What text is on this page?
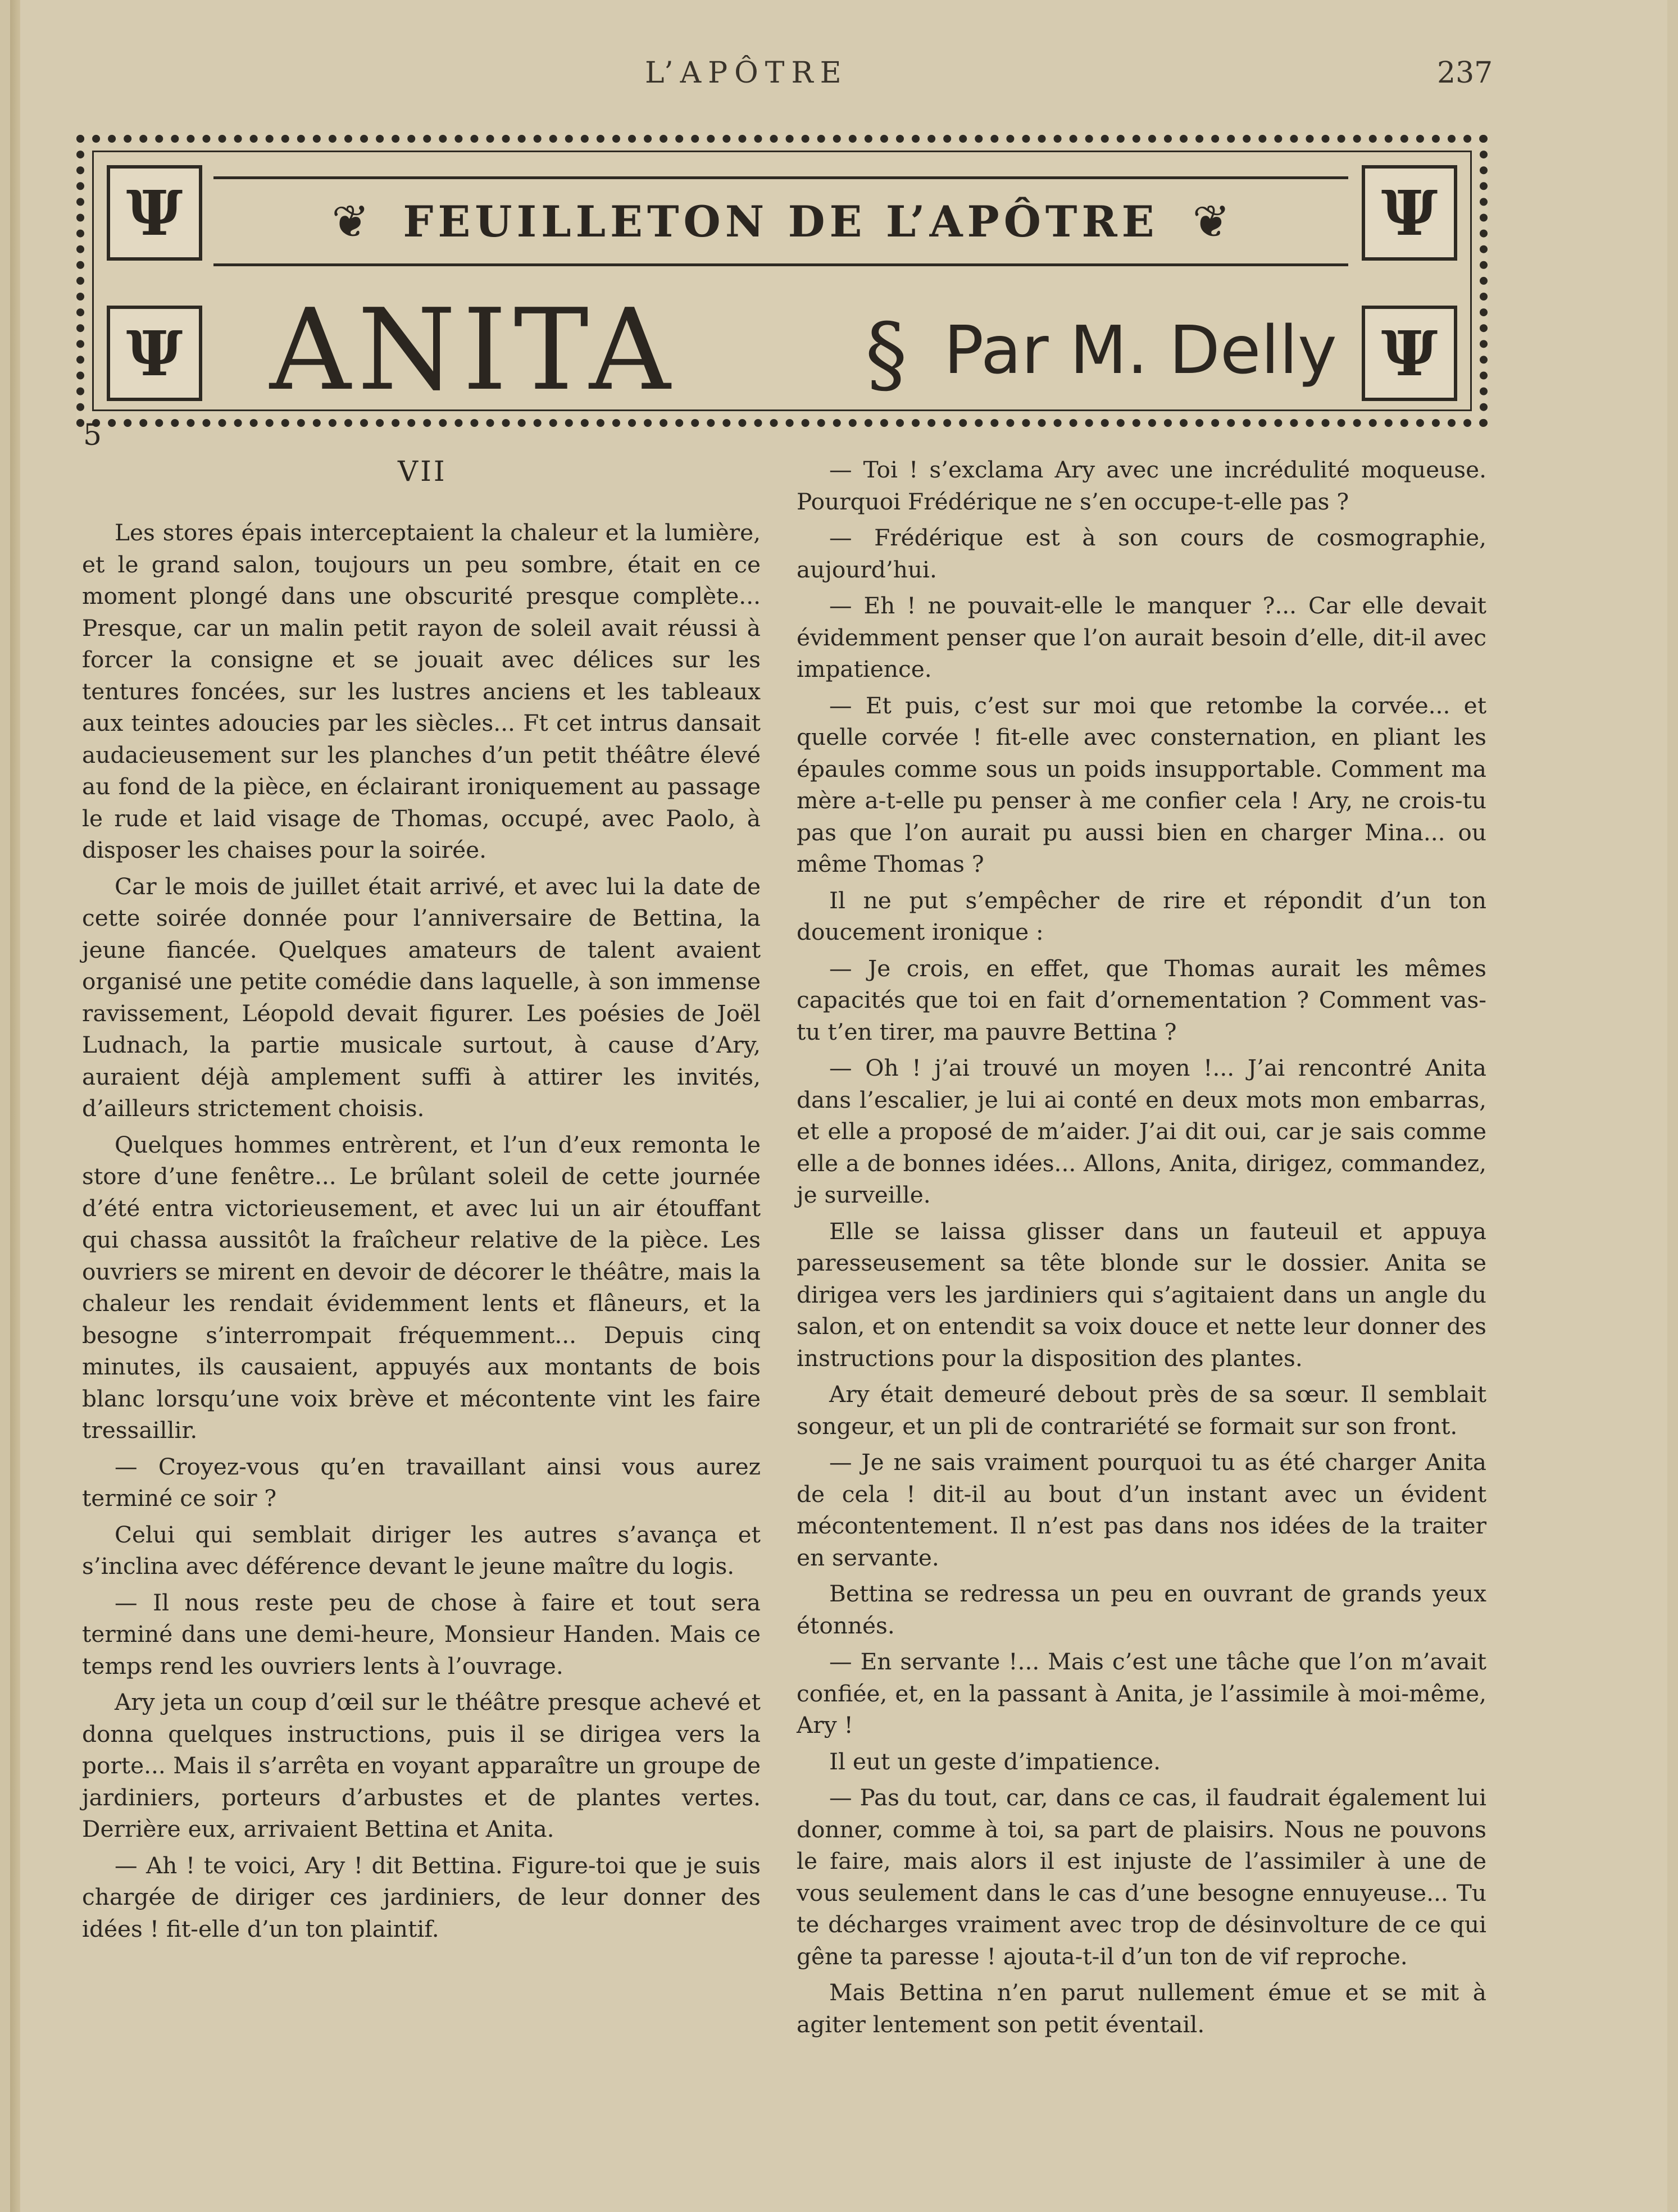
L’APÔTRE	237
Ψ	Ψ
Ψ	Ψ
❦ FEUILLETON DE L’APÔTRE ❦
ANITA § Par M. Delly
5
VII

Les stores épais interceptaient la chaleur et la lumière, et le grand salon, toujours un peu sombre, était en ce moment plongé dans une obscurité presque complète... Presque, car un malin petit rayon de soleil avait réussi à forcer la consigne et se jouait avec délices sur les tentures foncées, sur les lustres anciens et les tableaux aux teintes adoucies par les siècles... Ft cet intrus dansait audacieusement sur les planches d’un petit théâtre élevé au fond de la pièce, en éclairant ironiquement au passage le rude et laid visage de Thomas, occupé, avec Paolo, à disposer les chaises pour la soirée.

Car le mois de juillet était arrivé, et avec lui la date de cette soirée donnée pour l’anniversaire de Bettina, la jeune fiancée. Quelques amateurs de talent avaient organisé une petite comédie dans laquelle, à son immense ravissement, Léopold devait figurer. Les poésies de Joël Ludnach, la partie musicale surtout, à cause d’Ary, auraient déjà amplement suffi à attirer les invités, d’ailleurs strictement choisis.

Quelques hommes entrèrent, et l’un d’eux remonta le store d’une fenêtre... Le brûlant soleil de cette journée d’été entra victorieusement, et avec lui un air étouffant qui chassa aussitôt la fraîcheur relative de la pièce. Les ouvriers se mirent en devoir de décorer le théâtre, mais la chaleur les rendait évidemment lents et flâneurs, et la besogne s’interrompait fréquemment... Depuis cinq minutes, ils causaient, appuyés aux montants de bois blanc lorsqu’une voix brève et mécontente vint les faire tressaillir.

— Croyez-vous qu’en travaillant ainsi vous aurez terminé ce soir ?

Celui qui semblait diriger les autres s’avança et s’inclina avec déférence devant le jeune maître du logis.

— Il nous reste peu de chose à faire et tout sera terminé dans une demi-heure, Monsieur Handen. Mais ce temps rend les ouvriers lents à l’ouvrage.

Ary jeta un coup d’œil sur le théâtre presque achevé et donna quelques instructions, puis il se dirigea vers la porte... Mais il s’arrêta en voyant apparaître un groupe de jardiniers, porteurs d’arbustes et de plantes vertes. Derrière eux, arrivaient Bettina et Anita.

— Ah ! te voici, Ary ! dit Bettina. Figure-toi que je suis chargée de diriger ces jardiniers, de leur donner des idées ! fit-elle d’un ton plaintif.

— Toi ! s’exclama Ary avec une incrédulité moqueuse. Pourquoi Frédérique ne s’en occupe-t-elle pas ?

— Frédérique est à son cours de cosmographie, aujourd’hui.

— Eh ! ne pouvait-elle le manquer ?... Car elle devait évidemment penser que l’on aurait besoin d’elle, dit-il avec impatience.

— Et puis, c’est sur moi que retombe la corvée... et quelle corvée ! fit-elle avec consternation, en pliant les épaules comme sous un poids insupportable. Comment ma mère a-t-elle pu penser à me confier cela ! Ary, ne crois-tu pas que l’on aurait pu aussi bien en charger Mina... ou même Thomas ?

Il ne put s’empêcher de rire et répondit d’un ton doucement ironique :

— Je crois, en effet, que Thomas aurait les mêmes capacités que toi en fait d’ornementation ? Comment vas-tu t’en tirer, ma pauvre Bettina ?

— Oh ! j’ai trouvé un moyen !... J’ai rencontré Anita dans l’escalier, je lui ai conté en deux mots mon embarras, et elle a proposé de m’aider. J’ai dit oui, car je sais comme elle a de bonnes idées... Allons, Anita, dirigez, commandez, je surveille.

Elle se laissa glisser dans un fauteuil et appuya paresseusement sa tête blonde sur le dossier. Anita se dirigea vers les jardiniers qui s’agitaient dans un angle du salon, et on entendit sa voix douce et nette leur donner des instructions pour la disposition des plantes.

Ary était demeuré debout près de sa sœur. Il semblait songeur, et un pli de contrariété se formait sur son front.

— Je ne sais vraiment pourquoi tu as été charger Anita de cela ! dit-il au bout d’un instant avec un évident mécontentement. Il n’est pas dans nos idées de la traiter en servante.

Bettina se redressa un peu en ouvrant de grands yeux étonnés.

— En servante !... Mais c’est une tâche que l’on m’avait confiée, et, en la passant à Anita, je l’assimile à moi-même, Ary !

Il eut un geste d’impatience.

— Pas du tout, car, dans ce cas, il faudrait également lui donner, comme à toi, sa part de plaisirs. Nous ne pouvons le faire, mais alors il est injuste de l’assimiler à une de vous seulement dans le cas d’une besogne ennuyeuse... Tu te décharges vraiment avec trop de désinvolture de ce qui gêne ta paresse ! ajouta-t-il d’un ton de vif reproche.

Mais Bettina n’en parut nullement émue et se mit à agiter lentement son petit éventail.
